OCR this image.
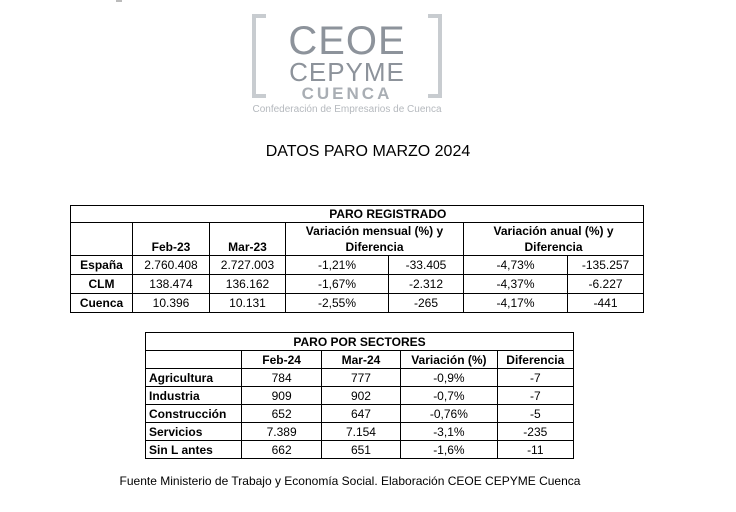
CEOE
CEPYME
CUENCA
Confederación de Empresarios de Cuenca
DATOS PARO MARZO 2024
	PARO REGISTRADO					
	Feb-23	Mar-23	Variación mensual (%) y Diferencia		Variación anual (%) y Diferencia	
España	2.760.408	2.727.003	-1,21%	-33.405	-4,73%	-135.257
CLM	138.474	136.162	-1,67%	-2.312	-4,37%	-6.227
Cuenca	10.396	10.131	-2,55%	-265	-4,17%	-441
PARO POR SECTORES				
	Feb-24	Mar-24	Variación (%)	Diferencia
Agricultura	784	777	-0,9%	-7
Industria	909	902	-0,7%	-7
Construcción	652	647	-0,76%	-5
Servicios	7.389	7.154	-3,1%	-235
Sin L antes	662	651	-1,6%	-11
Fuente Ministerio de Trabajo y Economía Social. Elaboración CEOE CEPYME Cuenca
